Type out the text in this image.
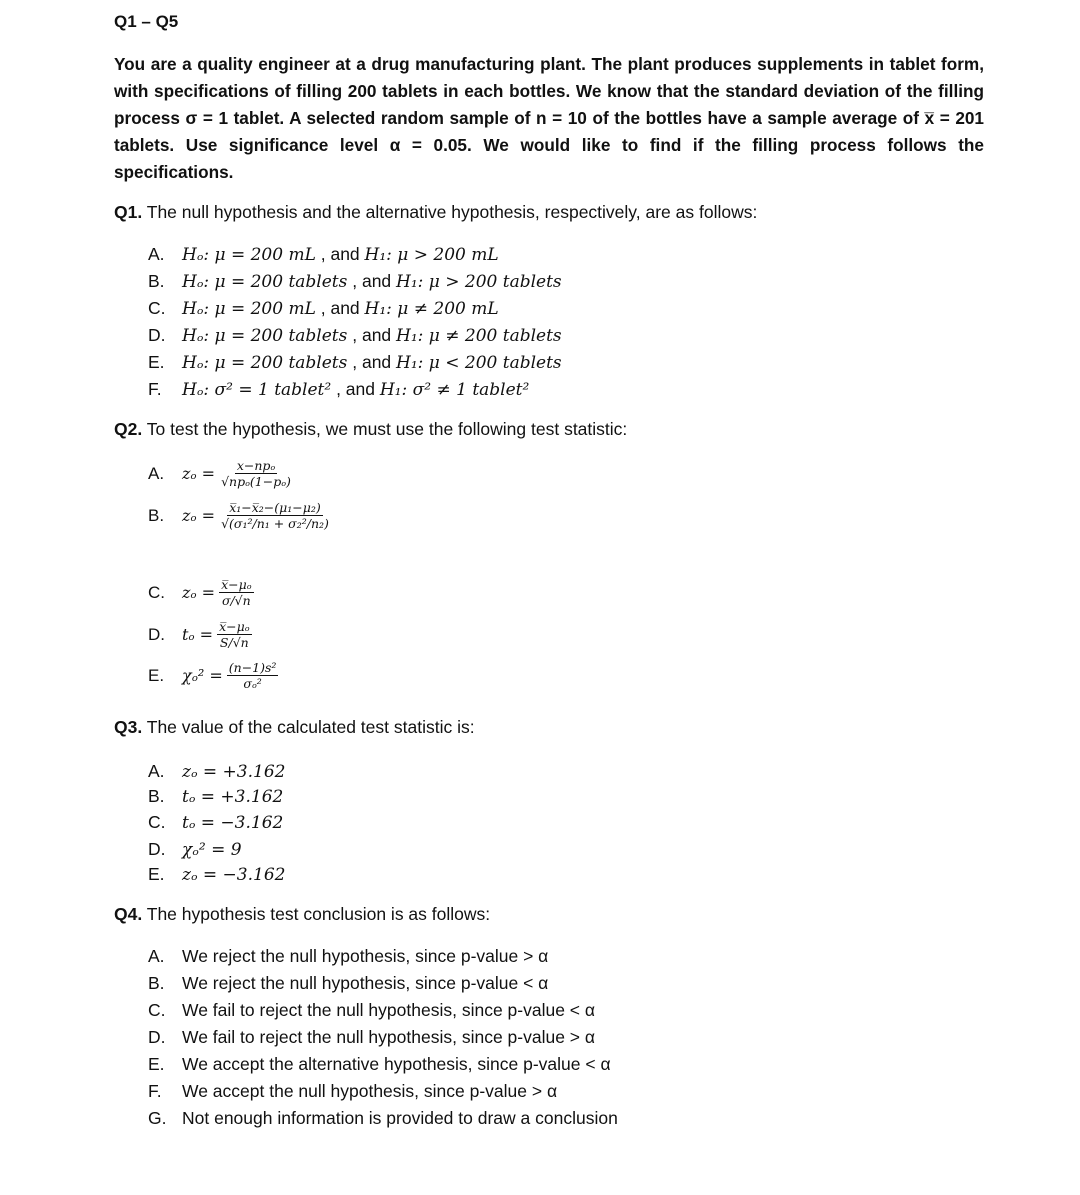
Q1 – Q5
You are a quality engineer at a drug manufacturing plant. The plant produces supplements in tablet form, with specifications of filling 200 tablets in each bottles. We know that the standard deviation of the filling process σ = 1 tablet. A selected random sample of n = 10 of the bottles have a sample average of x̅ = 201 tablets. Use significance level α = 0.05. We would like to find if the filling process follows the specifications.
Q1. The null hypothesis and the alternative hypothesis, respectively, are as follows:
A. Hₒ: μ = 200 mL , and H₁: μ > 200 mL
B. Hₒ: μ = 200 tablets , and H₁: μ > 200 tablets
C. Hₒ: μ = 200 mL , and H₁: μ ≠ 200 mL
D. Hₒ: μ = 200 tablets , and H₁: μ ≠ 200 tablets
E. Hₒ: μ = 200 tablets , and H₁: μ < 200 tablets
F. Hₒ: σ² = 1 tablet² , and H₁: σ² ≠ 1 tablet²
Q2. To test the hypothesis, we must use the following test statistic:
A.	$z_o = \frac{\text{x−npₒ}}{\text{√npₒ(1−pₒ)}}$
B.	$z_o = \frac{\text{x̅₁−x̅₂−(μ₁−μ₂)}}{\text{√(σ₁²/n₁ + σ₂²/n₂)}}$
C.	$z_o = \frac{\text{x̅−μₒ}}{\sigma/√n}$
D.	$t_o = \frac{\text{x̅−μₒ}}{S/√n}$
E.	$\chi_o^2 = \frac{\text{(n−1)s²}}{\text{σₒ²}}$
Q3. The value of the calculated test statistic is:
A. zₒ = +3.162
B. tₒ = +3.162
C. tₒ = −3.162
D. χₒ² = 9
E. zₒ = −3.162
Q4. The hypothesis test conclusion is as follows:
A. We reject the null hypothesis, since p-value > α
B. We reject the null hypothesis, since p-value < α
C. We fail to reject the null hypothesis, since p-value < α
D. We fail to reject the null hypothesis, since p-value > α
E. We accept the alternative hypothesis, since p-value < α
F. We accept the null hypothesis, since p-value > α
G. Not enough information is provided to draw a conclusion
